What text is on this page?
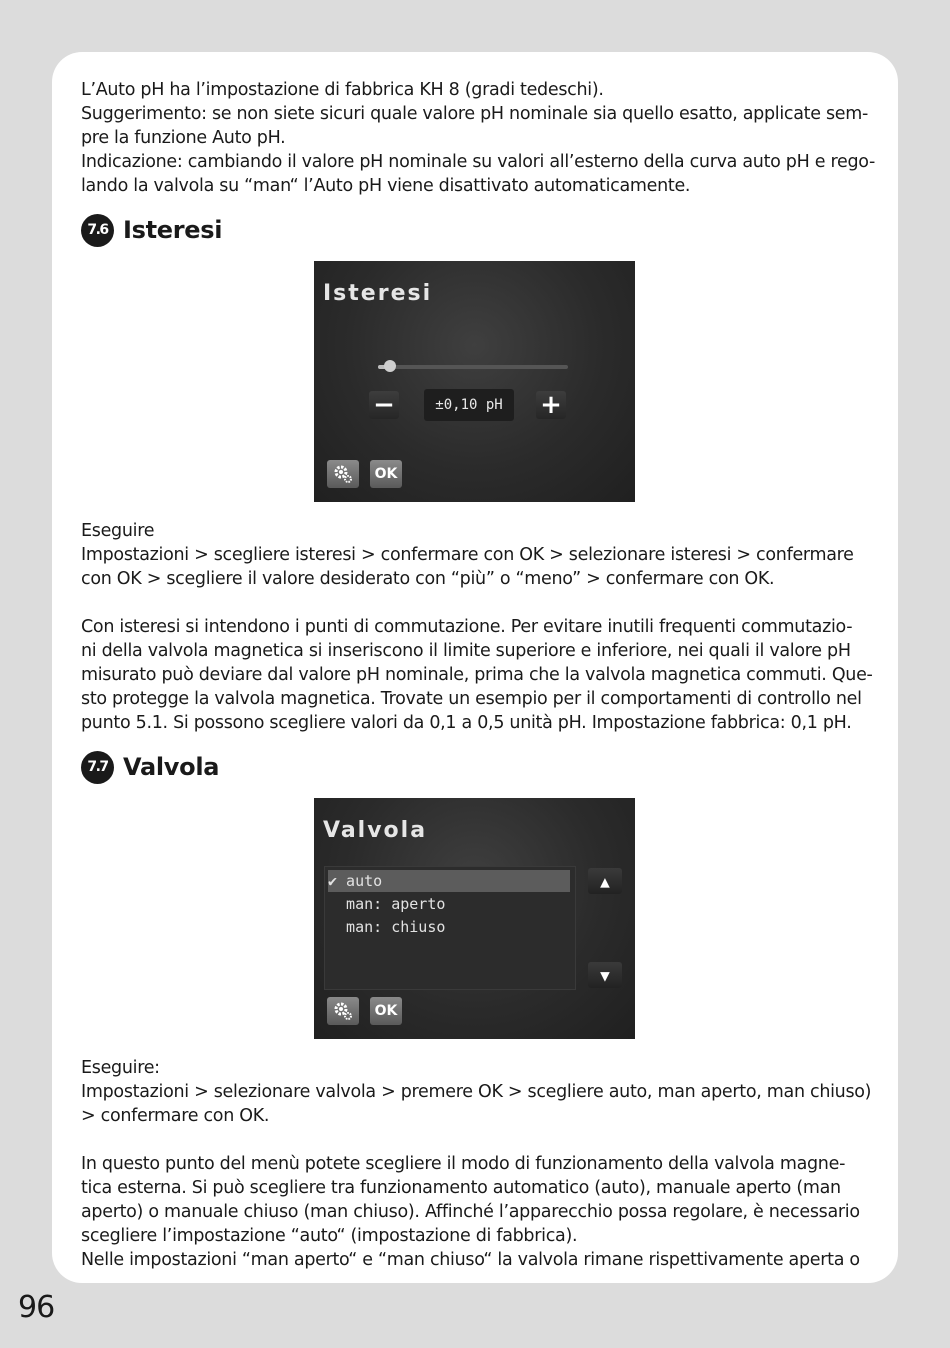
L’Auto pH ha l’impostazione di fabbrica KH 8 (gradi tedeschi).
Suggerimento: se non siete sicuri quale valore pH nominale sia quello esatto, applicate sem-
pre la funzione Auto pH.
Indicazione: cambiando il valore pH nominale su valori all’esterno della curva auto pH e rego-
lando la valvola su “man“ l’Auto pH viene disattivato automaticamente.
7.6 Isteresi
Isteresi
−	±0,10 pH	+
OK
Eseguire
Impostazioni > scegliere isteresi > confermare con OK > selezionare isteresi > confermare
con OK > scegliere il valore desiderato con “più” o “meno” > confermare con OK.
Con isteresi si intendono i punti di commutazione. Per evitare inutili frequenti commutazio-
ni della valvola magnetica si inseriscono il limite superiore e inferiore, nei quali il valore pH
misurato può deviare dal valore pH nominale, prima che la valvola magnetica commuti. Que-
sto protegge la valvola magnetica. Trovate un esempio per il comportamenti di controllo nel
punto 5.1. Si possono scegliere valori da 0,1 a 0,5 unità pH. Impostazione fabbrica: 0,1 pH.
7.7 Valvola
Valvola
✔ auto
man: aperto
man: chiuso
▲
▼
OK
Eseguire:
Impostazioni > selezionare valvola > premere OK > scegliere auto, man aperto, man chiuso)
> confermare con OK.
In questo punto del menù potete scegliere il modo di funzionamento della valvola magne-
tica esterna. Si può scegliere tra funzionamento automatico (auto), manuale aperto (man
aperto) o manuale chiuso (man chiuso). Affinché l’apparecchio possa regolare, è necessario
scegliere l’impostazione “auto“ (impostazione di fabbrica).
Nelle impostazioni “man aperto“ e “man chiuso“ la valvola rimane rispettivamente aperta o
96
